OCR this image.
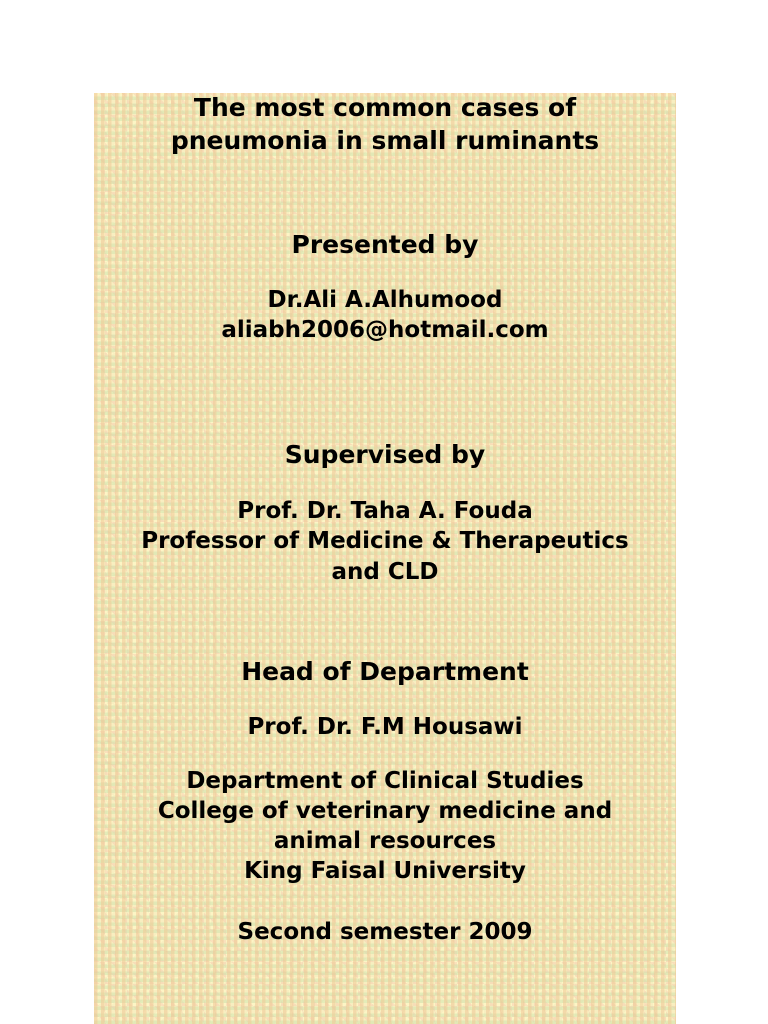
The most common cases of
pneumonia in small ruminants
Presented by
Dr.Ali A.Alhumood
aliabh2006@hotmail.com
Supervised by
Prof. Dr. Taha A. Fouda
Professor of Medicine & Therapeutics
and CLD
Head of Department
Prof. Dr. F.M Housawi
Department of Clinical Studies
College of veterinary medicine and
animal resources
King Faisal University
Second semester 2009
